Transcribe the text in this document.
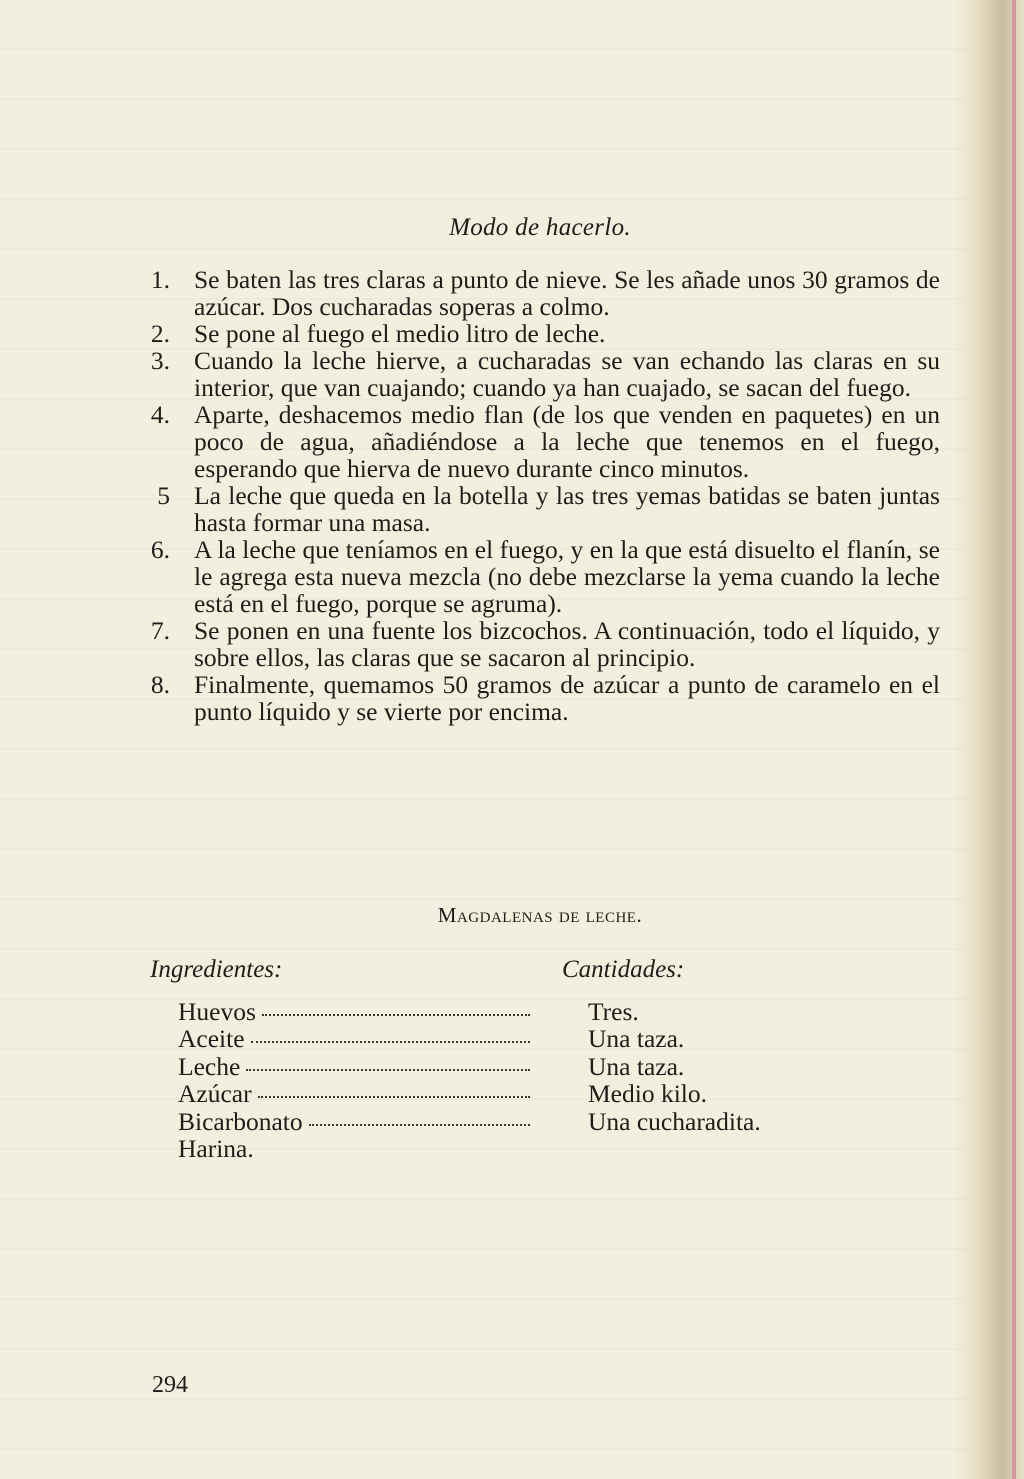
Modo de hacerlo.
1. Se baten las tres claras a punto de nieve. Se les añade unos 30 gramos de azúcar. Dos cucharadas soperas a colmo.
2. Se pone al fuego el medio litro de leche.
3. Cuando la leche hierve, a cucharadas se van echando las claras en su interior, que van cuajando; cuando ya han cuajado, se sacan del fuego.
4. Aparte, deshacemos medio flan (de los que venden en paquetes) en un poco de agua, añadiéndose a la leche que tenemos en el fuego, esperando que hierva de nuevo durante cinco minutos.
5 La leche que queda en la botella y las tres yemas batidas se baten juntas hasta formar una masa.
6. A la leche que teníamos en el fuego, y en la que está disuelto el flanín, se le agrega esta nueva mezcla (no debe mezclarse la yema cuando la leche está en el fuego, porque se agruma).
7. Se ponen en una fuente los bizcochos. A continuación, todo el líquido, y sobre ellos, las claras que se sacaron al principio.
8. Finalmente, quemamos 50 gramos de azúcar a punto de caramelo en el punto líquido y se vierte por encima.
Magdalenas de leche.
Ingredientes:	Cantidades:
Huevos
Aceite
Leche
Azúcar
Bicarbonato
Harina.
Tres.
Una taza.
Una taza.
Medio kilo.
Una cucharadita.
294
